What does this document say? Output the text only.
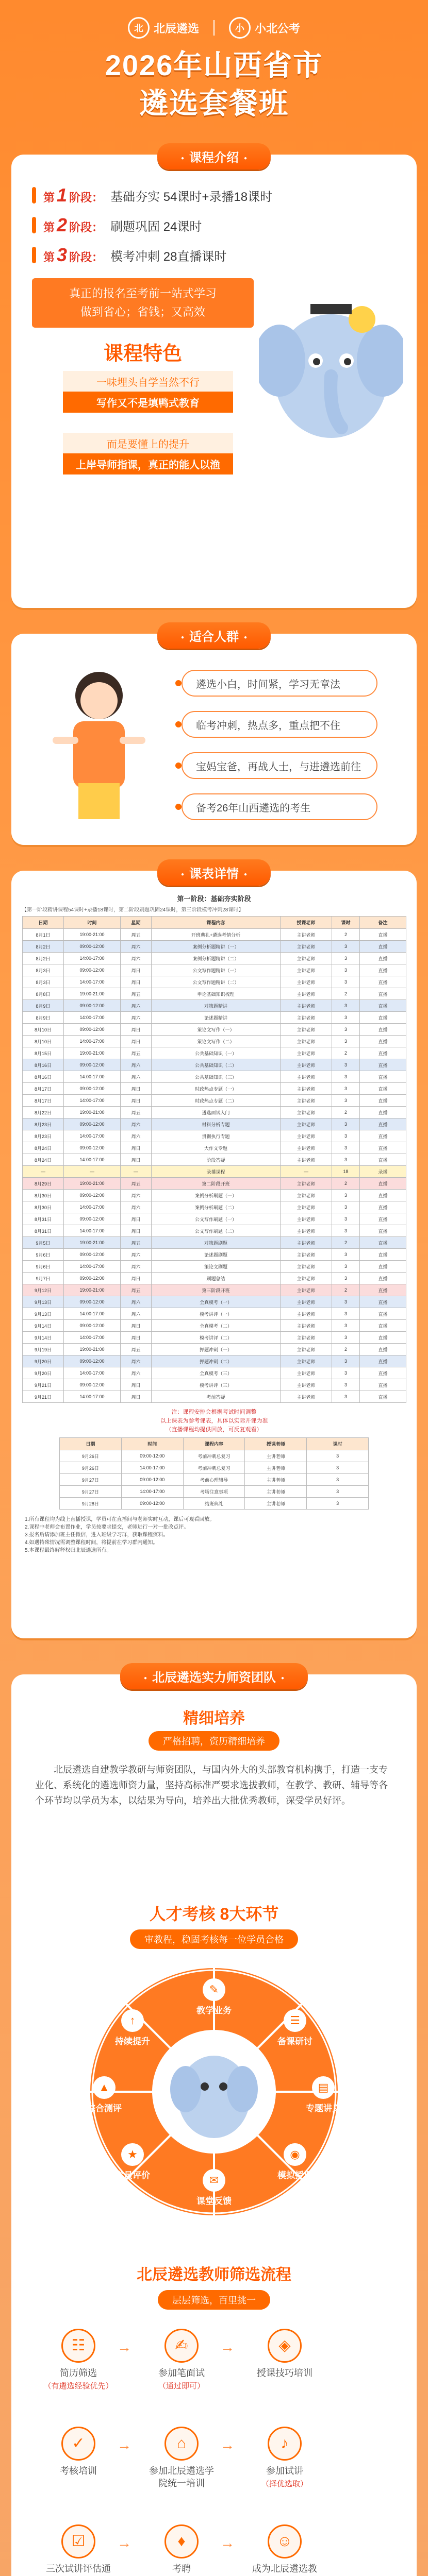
北 北辰遴选	小 小北公考
2026年山西省市
遴选套餐班
● 课程介绍 ●
第 1 阶段： 基础夯实 54课时+录播18课时
第 2 阶段： 刷题巩固 24课时
第 3 阶段： 模考冲刺 28直播课时
真正的报名至考前一站式学习
做到省心；省钱；又高效
课程特色
一味埋头自学当然不行
写作又不是填鸭式教育
而是要懂上的提升
上岸导师指课，真正的能人以渔
● 适合人群 ●
遴选小白，时间紧，学习无章法
临考冲刺，热点多，重点把不住
宝妈宝爸，再战人士，与进遴选前往
备考26年山西遴选的考生
● 课表详情 ●
第一阶段：基础夯实阶段
【第一阶段精讲课程54课时+录播18课时，第二阶段刷题巩固24课时，第三阶段模考冲刺28课时】
日期	时间	星期	课程内容	授课老师	课时	备注
8月1日	19:00-21:00	周五	开班典礼+遴选考情分析	主讲老师	2	直播
8月2日	09:00-12:00	周六	案例分析题精讲（一）	主讲老师	3	直播
8月2日	14:00-17:00	周六	案例分析题精讲（二）	主讲老师	3	直播
8月3日	09:00-12:00	周日	公文写作题精讲（一）	主讲老师	3	直播
8月3日	14:00-17:00	周日	公文写作题精讲（二）	主讲老师	3	直播
8月8日	19:00-21:00	周五	申论基础知识梳理	主讲老师	2	直播
8月9日	09:00-12:00	周六	对策题精讲	主讲老师	3	直播
8月9日	14:00-17:00	周六	论述题精讲	主讲老师	3	直播
8月10日	09:00-12:00	周日	策论文写作（一）	主讲老师	3	直播
8月10日	14:00-17:00	周日	策论文写作（二）	主讲老师	3	直播
8月15日	19:00-21:00	周五	公共基础知识（一）	主讲老师	2	直播
8月16日	09:00-12:00	周六	公共基础知识（二）	主讲老师	3	直播
8月16日	14:00-17:00	周六	公共基础知识（三）	主讲老师	3	直播
8月17日	09:00-12:00	周日	时政热点专题（一）	主讲老师	3	直播
8月17日	14:00-17:00	周日	时政热点专题（二）	主讲老师	3	直播
8月22日	19:00-21:00	周五	遴选面试入门	主讲老师	2	直播
8月23日	09:00-12:00	周六	材料分析专题	主讲老师	3	直播
8月23日	14:00-17:00	周六	贯彻执行专题	主讲老师	3	直播
8月24日	09:00-12:00	周日	大作文专题	主讲老师	3	直播
8月24日	14:00-17:00	周日	阶段答疑	主讲老师	3	直播
—	—	—	录播课程	—	18	录播
8月29日	19:00-21:00	周五	第二阶段开班	主讲老师	2	直播
8月30日	09:00-12:00	周六	案例分析刷题（一）	主讲老师	3	直播
8月30日	14:00-17:00	周六	案例分析刷题（二）	主讲老师	3	直播
8月31日	09:00-12:00	周日	公文写作刷题（一）	主讲老师	3	直播
8月31日	14:00-17:00	周日	公文写作刷题（二）	主讲老师	3	直播
9月5日	19:00-21:00	周五	对策题刷题	主讲老师	2	直播
9月6日	09:00-12:00	周六	论述题刷题	主讲老师	3	直播
9月6日	14:00-17:00	周六	策论文刷题	主讲老师	3	直播
9月7日	09:00-12:00	周日	刷题总结	主讲老师	3	直播
9月12日	19:00-21:00	周五	第三阶段开班	主讲老师	2	直播
9月13日	09:00-12:00	周六	全真模考（一）	主讲老师	3	直播
9月13日	14:00-17:00	周六	模考讲评（一）	主讲老师	3	直播
9月14日	09:00-12:00	周日	全真模考（二）	主讲老师	3	直播
9月14日	14:00-17:00	周日	模考讲评（二）	主讲老师	3	直播
9月19日	19:00-21:00	周五	押题冲刺（一）	主讲老师	2	直播
9月20日	09:00-12:00	周六	押题冲刺（二）	主讲老师	3	直播
9月20日	14:00-17:00	周六	全真模考（三）	主讲老师	3	直播
9月21日	09:00-12:00	周日	模考讲评（三）	主讲老师	3	直播
9月21日	14:00-17:00	周日	考前答疑	主讲老师	3	直播
注：课程安排会根据考试时间调整
以上课表为参考课表，具体以实际开课为准
（直播课程均提供回放，可反复观看）
日期	时间	课程内容	授课老师	课时
9月26日	09:00-12:00	考前冲刺总复习	主讲老师	3
9月26日	14:00-17:00	考前冲刺总复习	主讲老师	3
9月27日	09:00-12:00	考前心理辅导	主讲老师	3
9月27日	14:00-17:00	考场注意事项	主讲老师	3
9月28日	09:00-12:00	结班典礼	主讲老师	3
1.所有课程均为线上直播授课，学员可在直播间与老师实时互动，课后可观看回放。
2.课程中老师会布置作业，学员按要求提交，老师进行一对一批改点评。
3.报名后请添加班主任微信，进入班级学习群，获取课程资料。
4.如遇特殊情况需调整课程时间，将提前在学习群内通知。
5.本课程最终解释权归北辰遴选所有。
● 北辰遴选实力师资团队 ●
精细培养
严格招聘，资历精细培养
北辰遴选自建教学教研与师资团队，与国内外大的头部教育机构携手，打造一支专业化、系统化的遴选师资力量，坚持高标准严要求选拔教师，在教学、教研、辅导等各个环节均以学员为本，以结果为导向，培养出大批优秀教师，深受学员好评。
人才考核 8大环节
审教程，稳固考核每一位学员合格
✎
教学业务
☰
备课研讨
▤
专题讲义
◉
模拟授课
✉
课堂反馈
★
学员评价
▲
综合测评
↑
持续提升
北辰遴选教师筛选流程
层层筛选，百里挑一
☷
简历筛选
（有遴选经验优先）
→	✍
参加笔面试
（通过即可）
→	◈
授课技巧培训
✓
考核培训
→	⌂
参加北辰遴选学院统一培训
→	♪
参加试讲
（择优选取）
☑
三次试讲评估通
→	♦
考聘
→	☺
成为北辰遴选教
